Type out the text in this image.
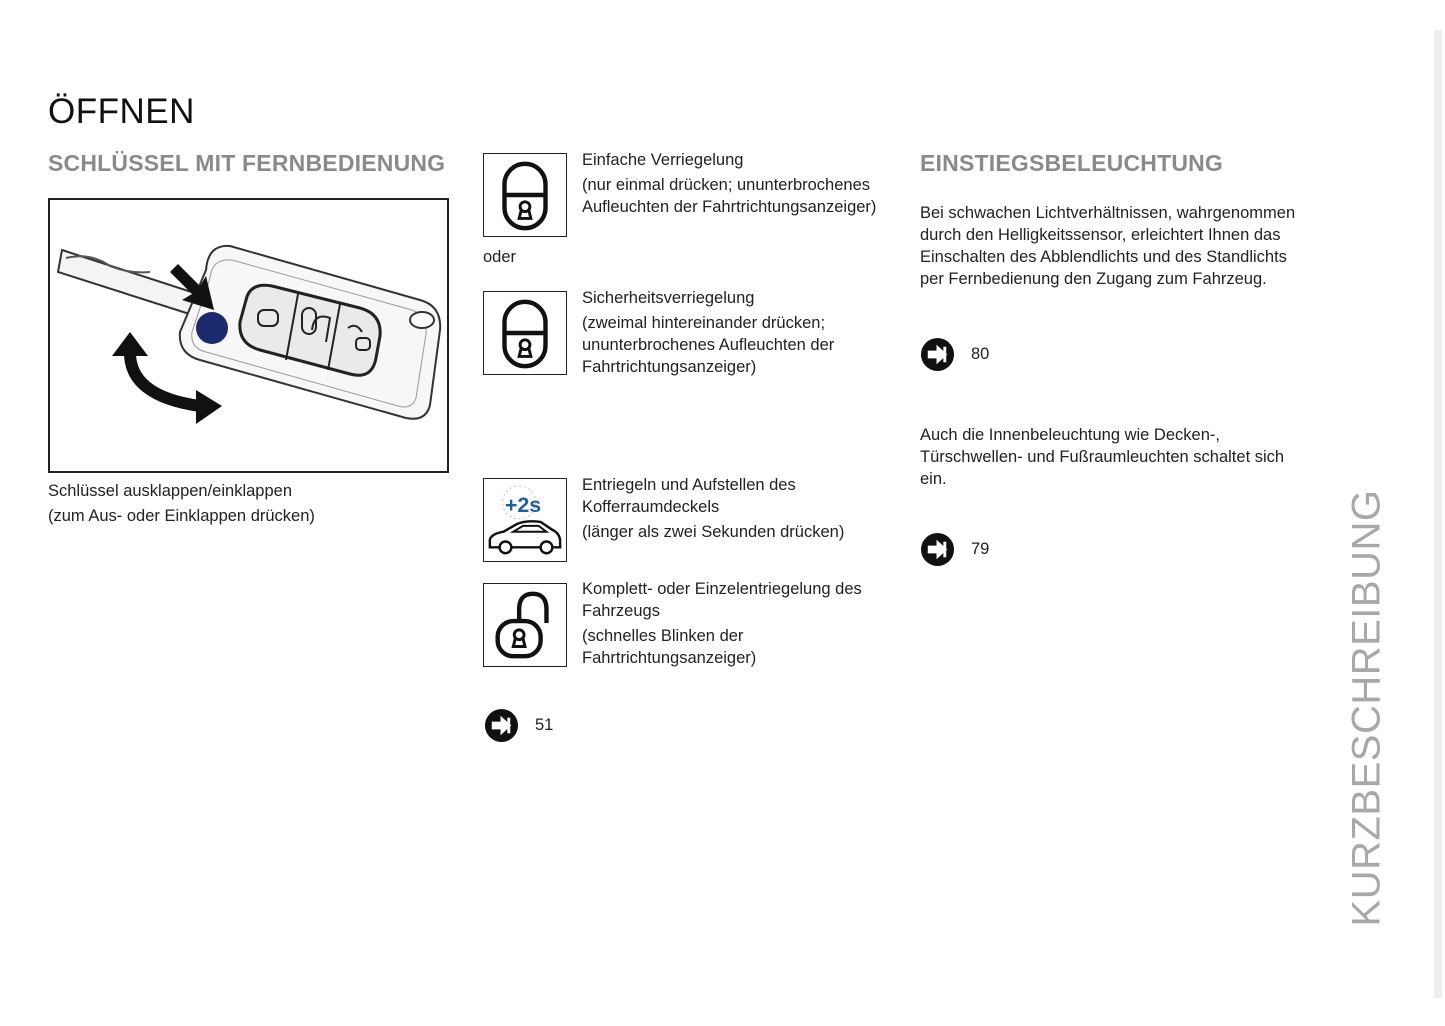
ÖFFNEN
SCHLÜSSEL MIT FERNBEDIENUNG

Schlüssel ausklappen/einklappen

(zum Aus- oder Einklappen drücken)

Einfache Verriegelung

(nur einmal drücken; ununterbrochenes

Aufleuchten der Fahrtrichtungsanzeiger)

oder

Sicherheitsverriegelung

(zweimal hintereinander drücken;

ununterbrochenes Aufleuchten der

Fahrtrichtungsanzeiger)

+2s

Entriegeln und Aufstellen des

Kofferraumdeckels

(länger als zwei Sekunden drücken)

Komplett- oder Einzelentriegelung des

Fahrzeugs

(schnelles Blinken der

Fahrtrichtungsanzeiger)

51
EINSTIEGSBELEUCHTUNG

Bei schwachen Lichtverhältnissen, wahrgenommen

durch den Helligkeitssensor, erleichtert Ihnen das

Einschalten des Abblendlichts und des Standlichts

per Fernbedienung den Zugang zum Fahrzeug.

80

Auch die Innenbeleuchtung wie Decken-,

Türschwellen- und Fußraumleuchten schaltet sich

ein.

79	KURZBESCHREIBUNG
